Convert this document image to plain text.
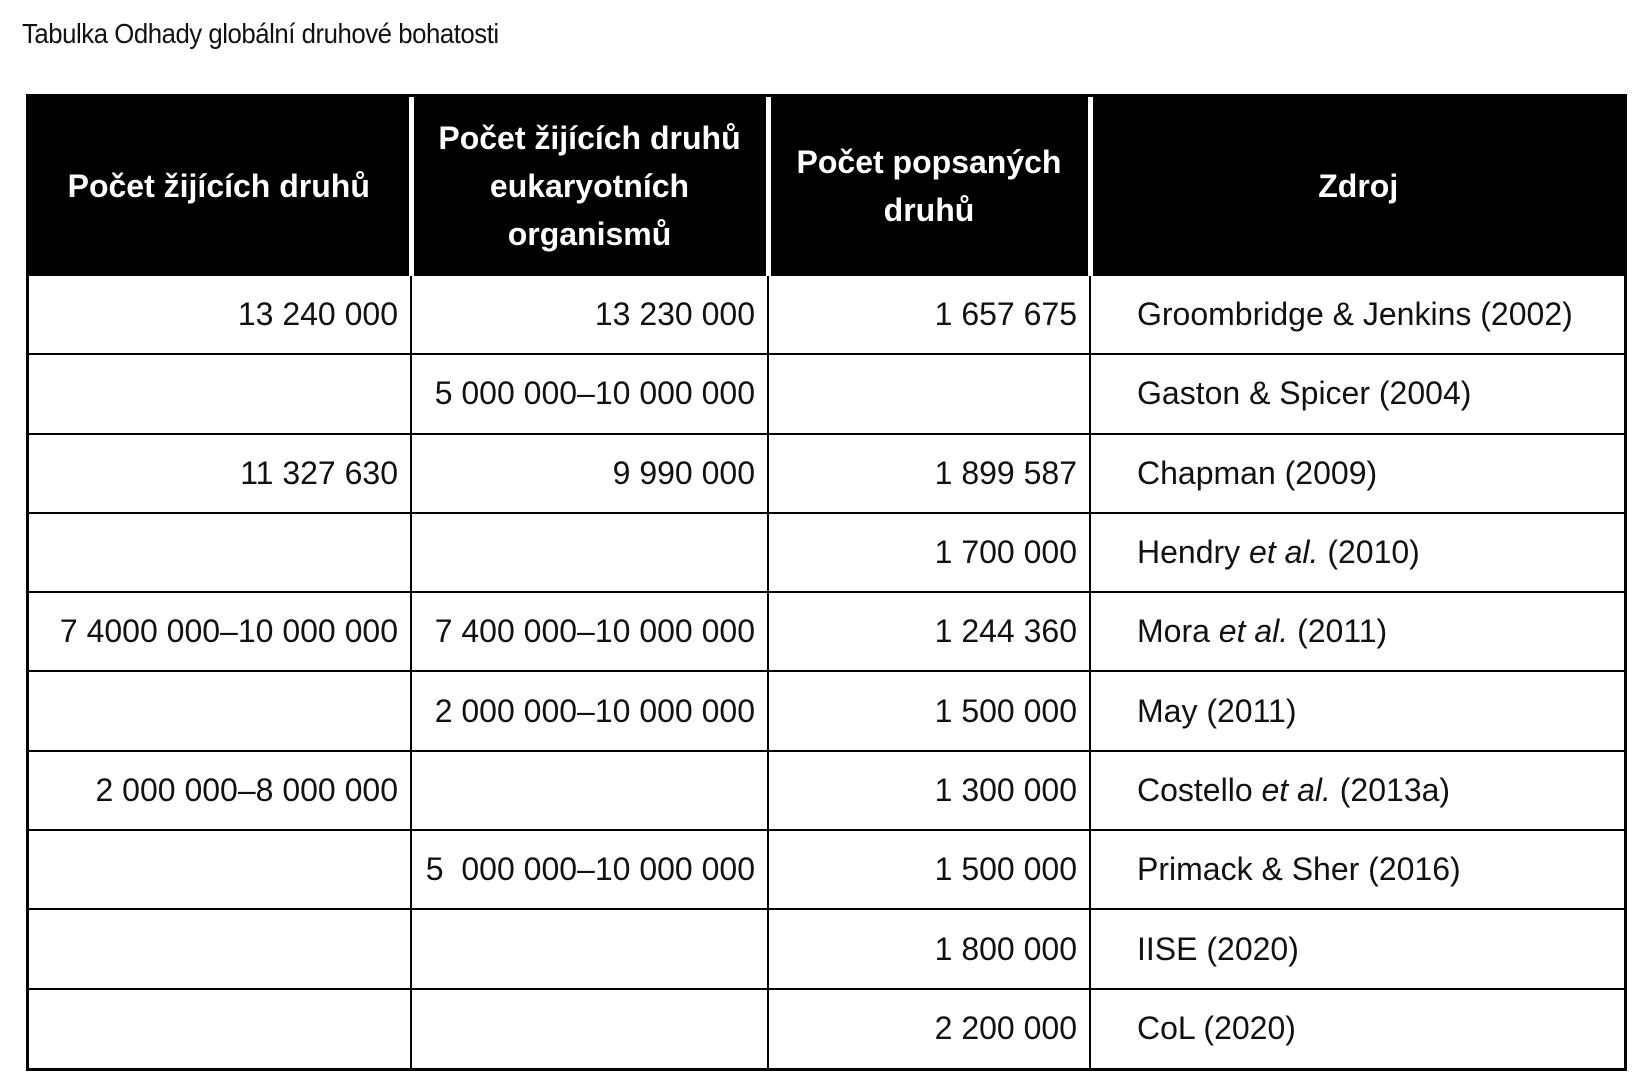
Tabulka Odhady globální druhové bohatosti
Počet žijících druhů	Počet žijících druhů eukaryotních organismů	Počet popsaných druhů	Zdroj
13 240 000	13 230 000	1 657 675	Groombridge & Jenkins (2002)
	5 000 000–10 000 000		Gaston & Spicer (2004)
11 327 630	9 990 000	1 899 587	Chapman (2009)
		1 700 000	Hendry et al. (2010)
7 4000 000–10 000 000	7 400 000–10 000 000	1 244 360	Mora et al. (2011)
	2 000 000–10 000 000	1 500 000	May (2011)
2 000 000–8 000 000		1 300 000	Costello et al. (2013a)
	5  000 000–10 000 000	1 500 000	Primack & Sher (2016)
		1 800 000	IISE (2020)
		2 200 000	CoL (2020)
